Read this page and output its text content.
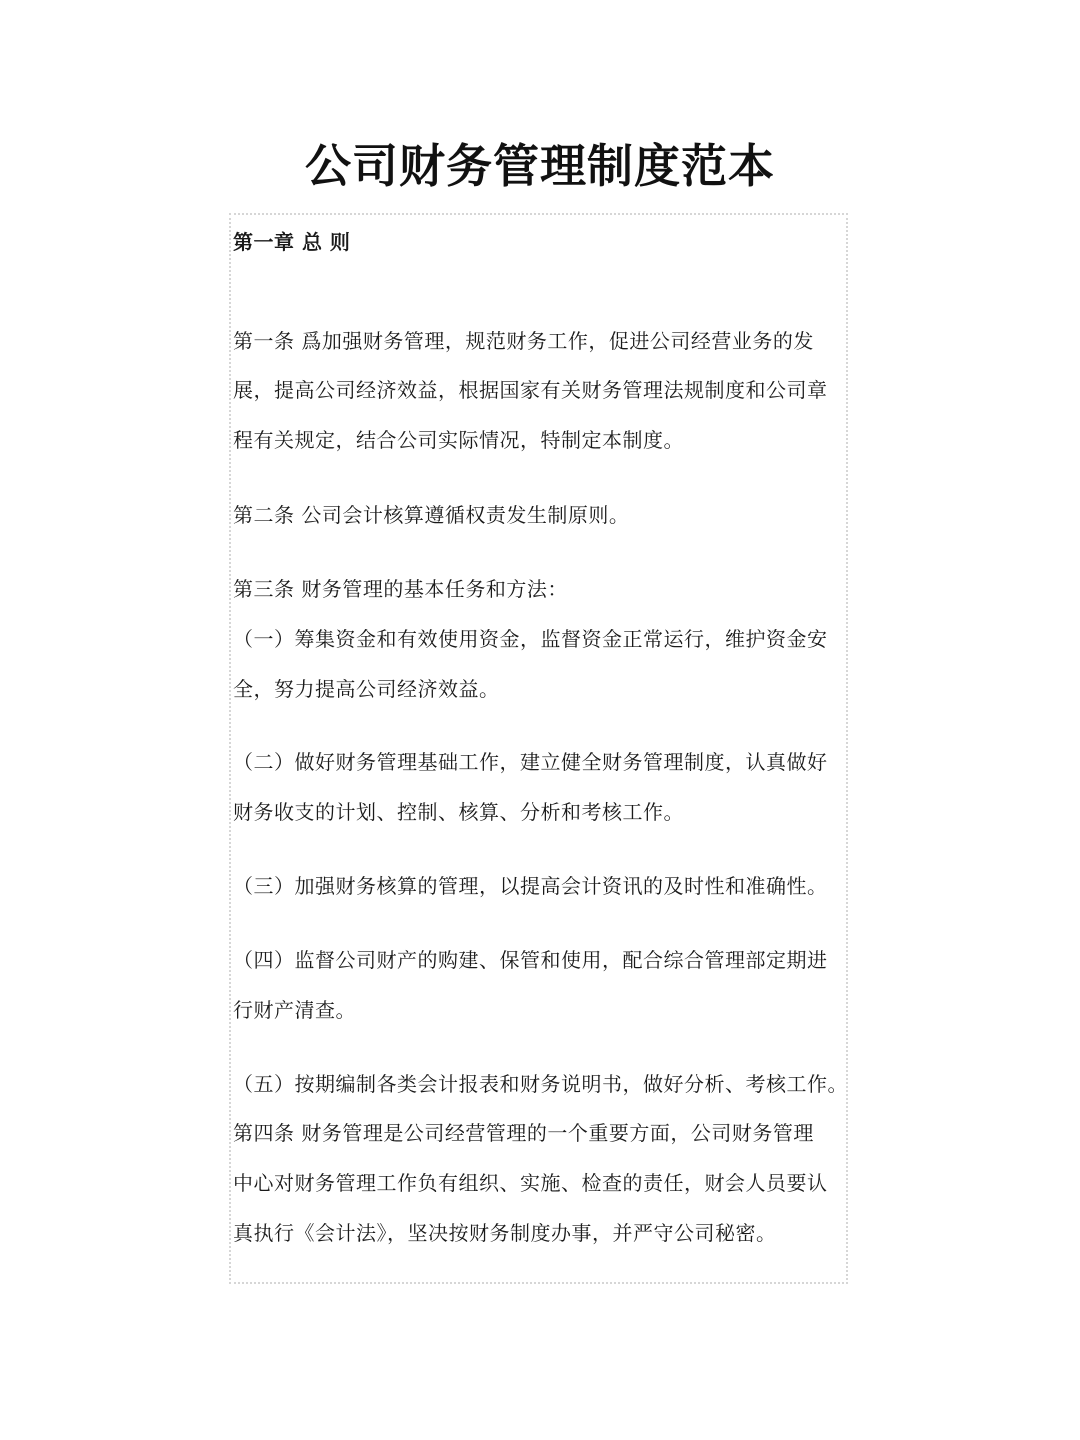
公司财务管理制度范本
第一章 总 则
第一条 爲加强财务管理，规范财务工作，促进公司经营业务的发
展，提高公司经济效益，根据国家有关财务管理法规制度和公司章
程有关规定，结合公司实际情况，特制定本制度。
第二条 公司会计核算遵循权责发生制原则。
第三条 财务管理的基本任务和方法：
（一）筹集资金和有效使用资金，监督资金正常运行，维护资金安
全，努力提高公司经济效益。
（二）做好财务管理基础工作，建立健全财务管理制度，认真做好
财务收支的计划、控制、核算、分析和考核工作。
（三）加强财务核算的管理，以提高会计资讯的及时性和准确性。
（四）监督公司财产的购建、保管和使用，配合综合管理部定期进
行财产清查。
（五）按期编制各类会计报表和财务说明书，做好分析、考核工作。
第四条 财务管理是公司经营管理的一个重要方面，公司财务管理
中心对财务管理工作负有组织、实施、检查的责任，财会人员要认
真执行《会计法》，坚决按财务制度办事，并严守公司秘密。
